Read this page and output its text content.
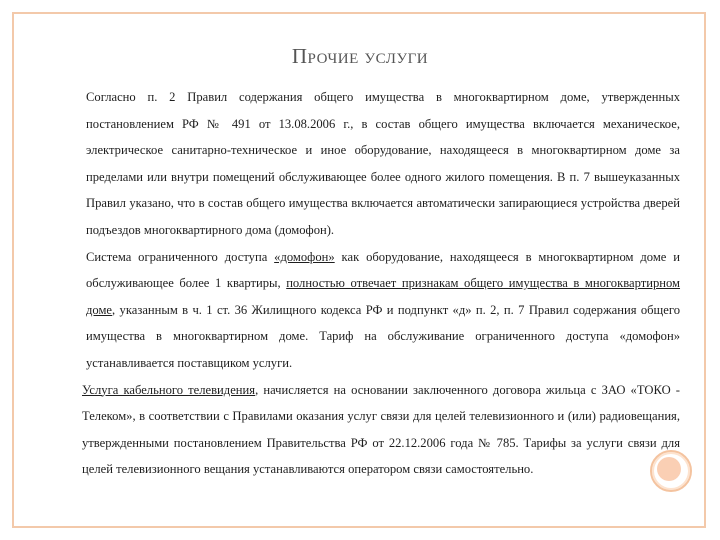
Прочие услуги

Согласно п. 2 Правил содержания общего имущества в многоквартирном доме, утвержденных постановлением РФ № 491 от 13.08.2006 г., в состав общего имущества включается механическое, электрическое санитарно-техническое и иное оборудование, находящееся в многоквартирном доме за пределами или внутри помещений обслуживающее более одного жилого помещения. В п. 7 вышеуказанных Правил указано, что в состав общего имущества включается автоматически запирающиеся устройства дверей подъездов многоквартирного дома (домофон).

Система ограниченного доступа «домофон» как оборудование, находящееся в многоквартирном доме и обслуживающее более 1 квартиры, полностью отвечает признакам общего имущества в многоквартирном доме, указанным в ч. 1 ст. 36 Жилищного кодекса РФ и подпункт «д» п. 2, п. 7 Правил содержания общего имущества в многоквартирном доме. Тариф на обслуживание ограниченного доступа «домофон» устанавливается поставщиком услуги.

Услуга кабельного телевидения, начисляется на основании заключенного договора жильца с ЗАО «ТОКО - Телеком», в соответствии с Правилами оказания услуг связи для целей телевизионного и (или) радиовещания, утвержденными постановлением Правительства РФ от 22.12.2006 года № 785. Тарифы за услуги связи для целей телевизионного вещания устанавливаются оператором связи самостоятельно.
